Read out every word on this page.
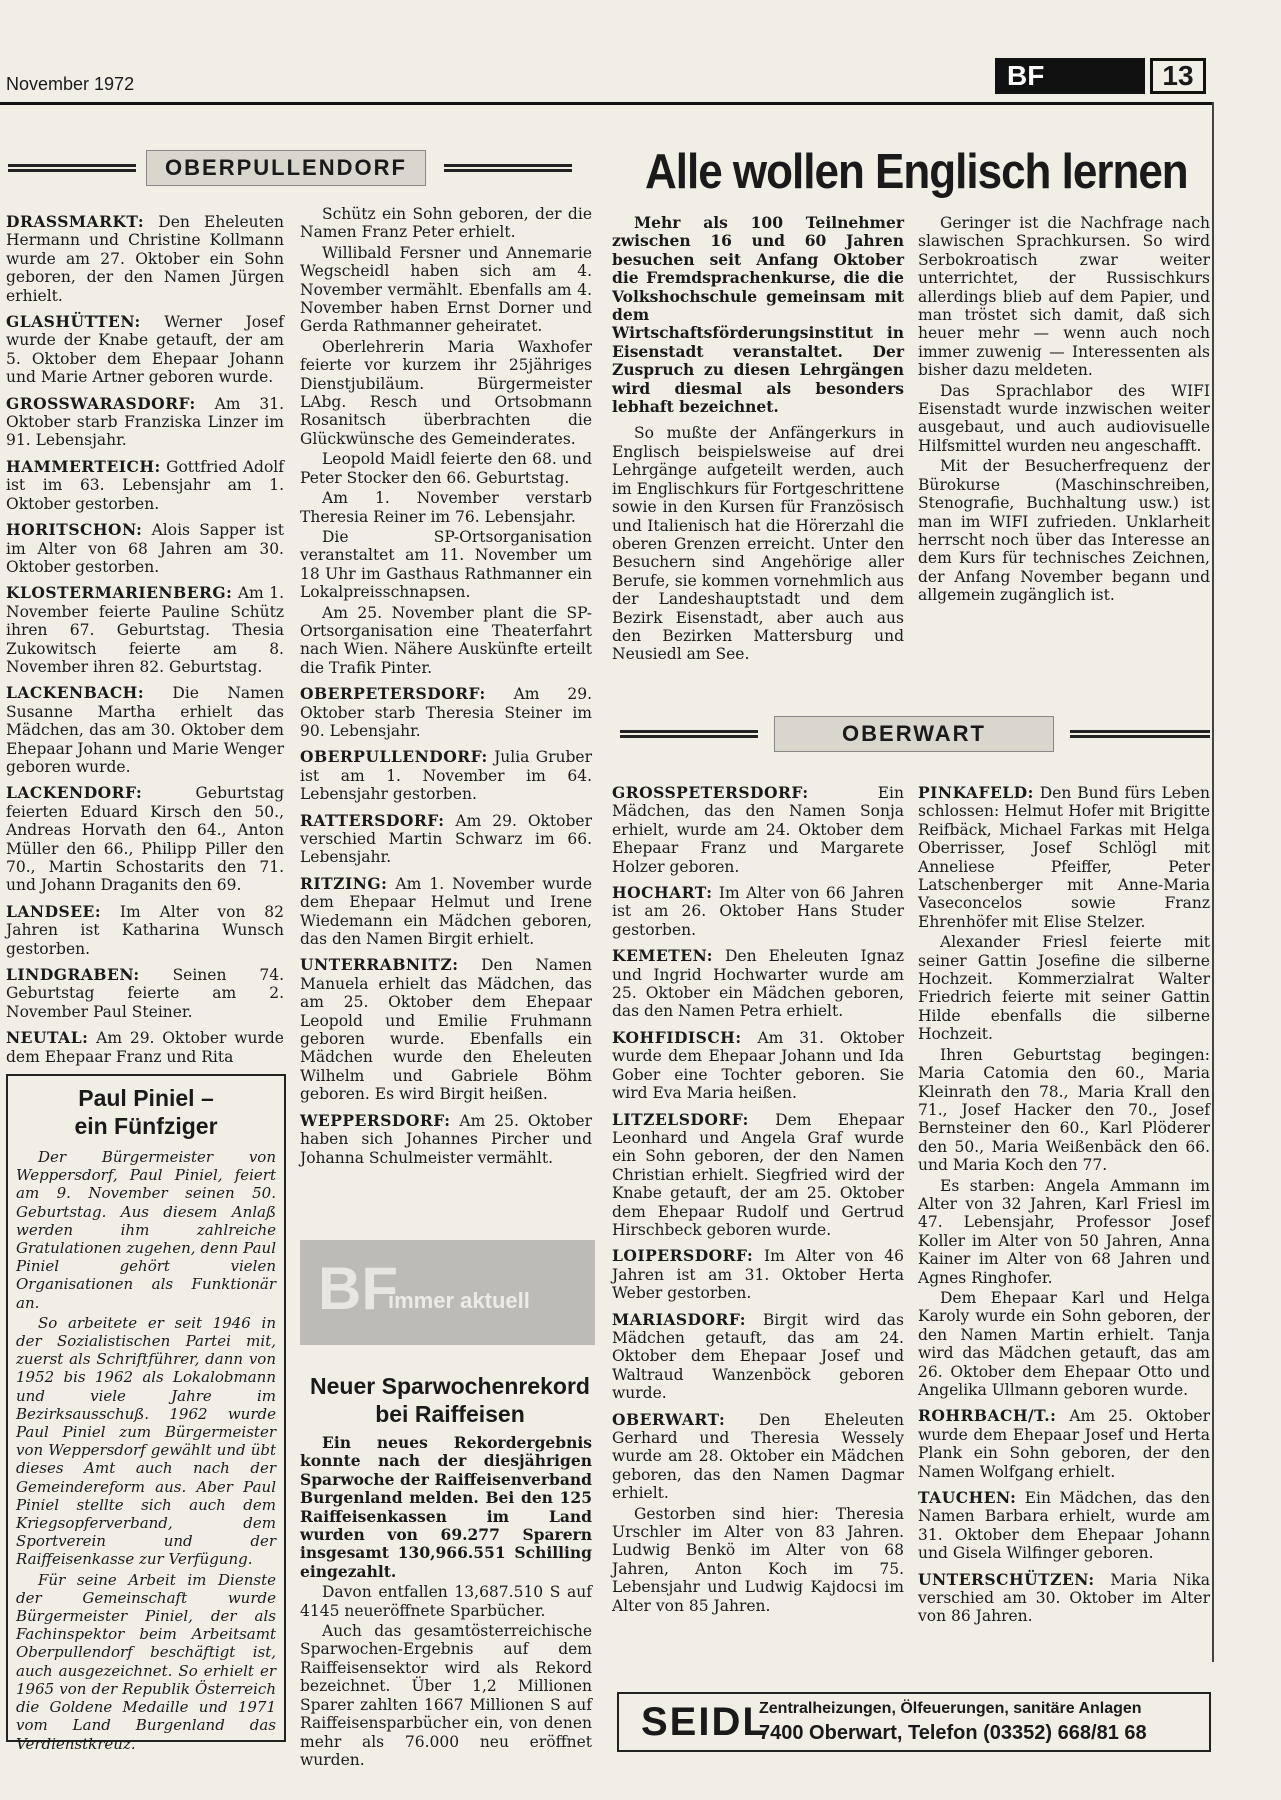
November 1972	BF	13
OBERPULLENDORF

DRASSMARKT: Den Eheleuten Hermann und Christine Kollmann wurde am 27. Oktober ein Sohn geboren, der den Namen Jürgen erhielt.

GLASHÜTTEN: Werner Josef wurde der Knabe getauft, der am 5. Oktober dem Ehepaar Johann und Marie Artner geboren wurde.

GROSSWARASDORF: Am 31. Oktober starb Franziska Linzer im 91. Lebensjahr.

HAMMERTEICH: Gottfried Adolf ist im 63. Lebensjahr am 1. Oktober gestorben.

HORITSCHON: Alois Sapper ist im Alter von 68 Jahren am 30. Oktober gestorben.

KLOSTERMARIENBERG: Am 1. November feierte Pauline Schütz ihren 67. Geburtstag. Thesia Zukowitsch feierte am 8. November ihren 82. Geburtstag.

LACKENBACH: Die Namen Susanne Martha erhielt das Mädchen, das am 30. Oktober dem Ehepaar Johann und Marie Wenger geboren wurde.

LACKENDORF:	Geburtstag feierten Eduard Kirsch den 50., Andreas Horvath den 64., Anton Müller den 66., Philipp Piller den 70., Martin Schostarits den 71. und Johann Draganits den 69.

LANDSEE: Im Alter von 82 Jahren ist Katharina Wunsch gestorben.

LINDGRABEN: Seinen 74. Geburtstag feierte am 2. November Paul Steiner.

NEUTAL: Am 29. Oktober wurde dem Ehepaar Franz und Rita

Schütz ein Sohn geboren, der die Namen Franz Peter erhielt.

Willibald Fersner und Annemarie Wegscheidl haben sich am 4. November vermählt. Ebenfalls am 4. November haben Ernst Dorner und Gerda Rathmanner geheiratet.

Oberlehrerin Maria Waxhofer feierte vor kurzem ihr 25jähriges Dienstjubiläum. Bürgermeister LAbg. Resch und Ortsobmann Rosanitsch überbrachten die Glückwünsche des Gemeinderates.

Leopold Maidl feierte den 68. und Peter Stocker den 66. Geburtstag.

Am 1. November verstarb Theresia Reiner im 76. Lebensjahr.

Die SP-Ortsorganisation veranstaltet am 11. November um 18 Uhr im Gasthaus Rathmanner ein Lokalpreisschnapsen.

Am 25. November plant die SP-Ortsorganisation eine Theaterfahrt nach Wien. Nähere Auskünfte erteilt die Trafik Pinter.

OBERPETERSDORF: Am 29. Oktober starb Theresia Steiner im 90. Lebensjahr.

OBERPULLENDORF: Julia Gruber ist am 1. November im 64. Lebensjahr gestorben.

RATTERSDORF: Am 29. Oktober verschied Martin Schwarz im 66. Lebensjahr.

RITZING: Am 1. November wurde dem Ehepaar Helmut und Irene Wiedemann ein Mädchen geboren, das den Namen Birgit erhielt.

UNTERRABNITZ: Den Namen Manuela erhielt das Mädchen, das am 25. Oktober dem Ehepaar Leopold und Emilie Fruhmann geboren wurde. Ebenfalls ein Mädchen wurde den Eheleuten Wilhelm und Gabriele Böhm geboren. Es wird Birgit heißen.

WEPPERSDORF: Am 25. Oktober haben sich Johannes Pircher und Johanna Schulmeister vermählt.

Paul Piniel –
ein Fünfziger

Der Bürgermeister von Weppersdorf, Paul Piniel, feiert am 9. November seinen 50. Geburtstag. Aus diesem Anlaß werden ihm zahlreiche Gratulationen zugehen, denn Paul Piniel gehört vielen Organisationen als Funktionär an.

So arbeitete er seit 1946 in der Sozialistischen Partei mit, zuerst als Schriftführer, dann von 1952 bis 1962 als Lokalobmann und viele Jahre im Bezirksausschuß. 1962 wurde Paul Piniel zum Bürgermeister von Weppersdorf gewählt und übt dieses Amt auch nach der Gemeindereform aus. Aber Paul Piniel stellte sich auch dem Kriegsopferverband, dem Sportverein und der Raiffeisenkasse zur Verfügung.

Für seine Arbeit im Dienste der Gemeinschaft wurde Bürgermeister Piniel, der als Fachinspektor beim Arbeitsamt Oberpullendorf beschäftigt ist, auch ausgezeichnet. So erhielt er 1965 von der Republik Österreich die Goldene Medaille und 1971 vom Land Burgenland das Verdienstkreuz.

BF
immer aktuell
Neuer Sparwochenrekord
bei Raiffeisen

Ein neues Rekordergebnis konnte nach der diesjährigen Sparwoche der Raiffeisenverband Burgenland melden. Bei den 125 Raiffeisenkassen im Land wurden von 69.277 Sparern insgesamt 130,966.551 Schilling eingezahlt.

Davon entfallen 13,687.510 S auf 4145 neueröffnete Sparbücher.

Auch das gesamtösterreichische Sparwochen-Ergebnis auf dem Raiffeisensektor wird als Rekord bezeichnet. Über 1,2 Millionen Sparer zahlten 1667 Millionen S auf Raiffeisensparbücher ein, von denen mehr als 76.000 neu eröffnet wurden.

Alle wollen Englisch lernen

Mehr als 100 Teilnehmer zwischen 16 und 60 Jahren besuchen seit Anfang Oktober die Fremdsprachenkurse, die die Volkshochschule gemeinsam mit dem Wirtschaftsförderungsinstitut in Eisenstadt veranstaltet. Der Zuspruch zu diesen Lehrgängen wird diesmal als besonders lebhaft bezeichnet.

So mußte der Anfängerkurs in Englisch beispielsweise auf drei Lehrgänge aufgeteilt werden, auch im Englischkurs für Fortgeschrittene sowie in den Kursen für Französisch und Italienisch hat die Hörerzahl die oberen Grenzen erreicht. Unter den Besuchern sind Angehörige aller Berufe, sie kommen vornehmlich aus der Landeshauptstadt und dem Bezirk Eisenstadt, aber auch aus den Bezirken Mattersburg und Neusiedl am See.

Geringer ist die Nachfrage nach slawischen Sprachkursen. So wird Serbokroatisch zwar weiter unterrichtet, der Russischkurs allerdings blieb auf dem Papier, und man tröstet sich damit, daß sich heuer mehr — wenn auch noch immer zuwenig — Interessenten als bisher dazu meldeten.

Das Sprachlabor des WIFI Eisenstadt wurde inzwischen weiter ausgebaut, und auch audiovisuelle Hilfsmittel wurden neu angeschafft.

Mit der Besucherfrequenz der Bürokurse (Maschinschreiben, Stenografie, Buchhaltung usw.) ist man im WIFI zufrieden. Unklarheit herrscht noch über das Interesse an dem Kurs für technisches Zeichnen, der Anfang November begann und allgemein zugänglich ist.

OBERWART

GROSSPETERSDORF:	Ein Mädchen, das den Namen Sonja erhielt, wurde am 24. Oktober dem Ehepaar Franz und Margarete Holzer geboren.

HOCHART: Im Alter von 66 Jahren ist am 26. Oktober Hans Studer gestorben.

KEMETEN: Den Eheleuten Ignaz und Ingrid Hochwarter wurde am 25. Oktober ein Mädchen geboren, das den Namen Petra erhielt.

KOHFIDISCH: Am 31. Oktober wurde dem Ehepaar Johann und Ida Gober eine Tochter geboren. Sie wird Eva Maria heißen.

LITZELSDORF: Dem Ehepaar Leonhard und Angela Graf wurde ein Sohn geboren, der den Namen Christian erhielt. Siegfried wird der Knabe getauft, der am 25. Oktober dem Ehepaar Rudolf und Gertrud Hirschbeck geboren wurde.

LOIPERSDORF: Im Alter von 46 Jahren ist am 31. Oktober Herta Weber gestorben.

MARIASDORF: Birgit wird das Mädchen getauft, das am 24. Oktober dem Ehepaar Josef und Waltraud Wanzenböck geboren wurde.

OBERWART: Den Eheleuten Gerhard und Theresia Wessely wurde am 28. Oktober ein Mädchen geboren, das den Namen Dagmar erhielt.

Gestorben sind hier: Theresia Urschler im Alter von 83 Jahren. Ludwig Benkö im Alter von 68 Jahren, Anton Koch im 75. Lebensjahr und Ludwig Kajdocsi im Alter von 85 Jahren.

PINKAFELD: Den Bund fürs Leben schlossen: Helmut Hofer mit Brigitte Reifbäck, Michael Farkas mit Helga Oberrisser, Josef Schlögl mit Anneliese Pfeiffer, Peter Latschenberger mit Anne-Maria Vaseconcelos sowie Franz Ehrenhöfer mit Elise Stelzer.

Alexander Friesl feierte mit seiner Gattin Josefine die silberne Hochzeit. Kommerzialrat Walter Friedrich feierte mit seiner Gattin Hilde ebenfalls die silberne Hochzeit.

Ihren Geburtstag begingen: Maria Catomia den 60., Maria Kleinrath den 78., Maria Krall den 71., Josef Hacker den 70., Josef Bernsteiner den 60., Karl Plöderer den 50., Maria Weißenbäck den 66. und Maria Koch den 77.

Es starben: Angela Ammann im Alter von 32 Jahren, Karl Friesl im 47. Lebensjahr, Professor Josef Koller im Alter von 50 Jahren, Anna Kainer im Alter von 68 Jahren und Agnes Ringhofer.

Dem Ehepaar Karl und Helga Karoly wurde ein Sohn geboren, der den Namen Martin erhielt. Tanja wird das Mädchen getauft, das am 26. Oktober dem Ehepaar Otto und Angelika Ullmann geboren wurde.

ROHRBACH/T.: Am 25. Oktober wurde dem Ehepaar Josef und Herta Plank ein Sohn geboren, der den Namen Wolfgang erhielt.

TAUCHEN: Ein Mädchen, das den Namen Barbara erhielt, wurde am 31. Oktober dem Ehepaar Johann und Gisela Wilfinger geboren.

UNTERSCHÜTZEN: Maria Nika verschied am 30. Oktober im Alter von 86 Jahren.

SEIDL
Zentralheizungen, Ölfeuerungen, sanitäre Anlagen
7400 Oberwart, Telefon (03352) 668/81 68
